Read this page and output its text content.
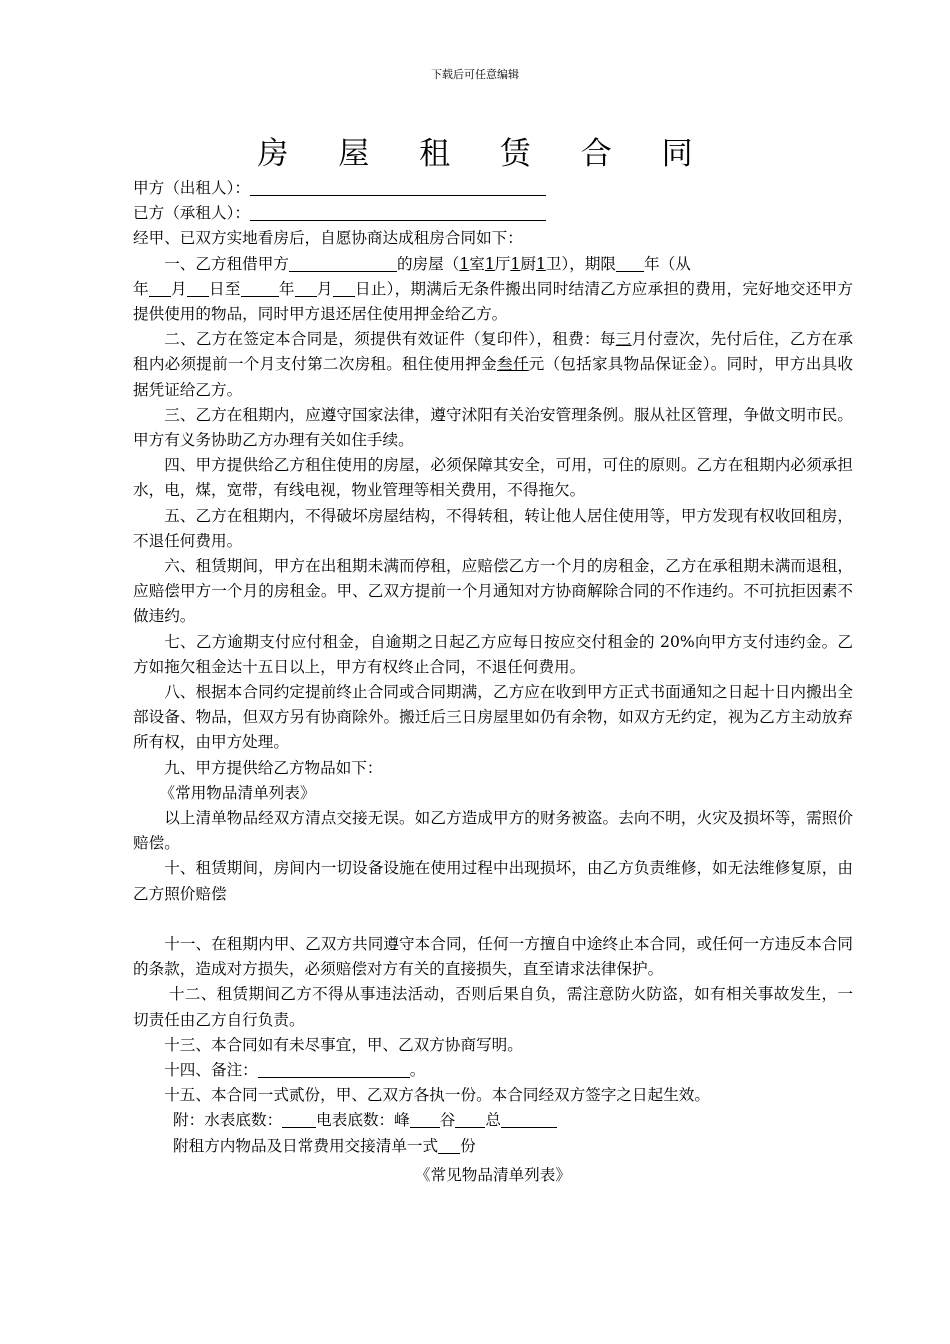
下载后可任意编辑
房 屋 租 赁 合 同

甲方（出租人）：

已方（承租人）：

经甲、已双方实地看房后，自愿协商达成租房合同如下：

一、乙方租借甲方	的房屋（1室1厅1厨1卫），期限 年（从
年 月 日至 年 月 日止），期满后无条件搬出同时结清乙方应承担的费用，完好地交还甲方提供使用的物品，同时甲方退还居住使用押金给乙方。

二、乙方在签定本合同是，须提供有效证件（复印件），租费：每三月付壹次，先付后住，乙方在承租内必须提前一个月支付第二次房租。租住使用押金叁仟元（包括家具物品保证金）。同时，甲方出具收据凭证给乙方。

三、乙方在租期内，应遵守国家法律，遵守沭阳有关治安管理条例。服从社区管理，争做文明市民。甲方有义务协助乙方办理有关如住手续。

四、甲方提供给乙方租住使用的房屋，必须保障其安全，可用，可住的原则。乙方在租期内必须承担水，电，煤，宽带，有线电视，物业管理等相关费用，不得拖欠。

五、乙方在租期内，不得破坏房屋结构，不得转租，转让他人居住使用等，甲方发现有权收回租房，不退任何费用。

六、租赁期间，甲方在出租期未满而停租，应赔偿乙方一个月的房租金，乙方在承租期未满而退租，应赔偿甲方一个月的房租金。甲、乙双方提前一个月通知对方协商解除合同的不作违约。不可抗拒因素不做违约。

七、乙方逾期支付应付租金，自逾期之日起乙方应每日按应交付租金的 20%向甲方支付违约金。乙方如拖欠租金达十五日以上，甲方有权终止合同，不退任何费用。

八、根据本合同约定提前终止合同或合同期满，乙方应在收到甲方正式书面通知之日起十日内搬出全部设备、物品，但双方另有协商除外。搬迁后三日房屋里如仍有余物，如双方无约定，视为乙方主动放弃所有权，由甲方处理。

九、甲方提供给乙方物品如下：

《常用物品清单列表》

以上清单物品经双方清点交接无误。如乙方造成甲方的财务被盗。去向不明，火灾及损坏等，需照价赔偿。

十、租赁期间，房间内一切设备设施在使用过程中出现损坏，由乙方负责维修，如无法维修复原，由乙方照价赔偿

十一、在租期内甲、乙双方共同遵守本合同，任何一方擅自中途终止本合同，或任何一方违反本合同的条款，造成对方损失，必须赔偿对方有关的直接损失，直至请求法律保护。

十二、租赁期间乙方不得从事违法活动，否则后果自负，需注意防火防盗，如有相关事故发生，一切责任由乙方自行负责。

十三、本合同如有未尽事宜，甲、乙双方协商写明。

十四、备注：	。

十五、本合同一式贰份，甲、乙双方各执一份。本合同经双方签字之日起生效。

附：水表底数： 电表底数：峰 谷 总

附租方内物品及日常费用交接清单一式 份

《常见物品清单列表》
